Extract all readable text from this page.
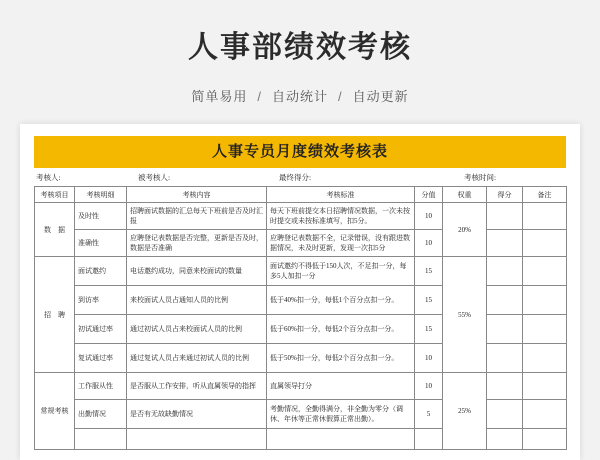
人事部绩效考核
简单易用 / 自动统计 / 自动更新
人事专员月度绩效考核表
考核人:	被考核人:	最终得分:	考核时间:
考核项目	考核明细	考核内容	考核标准	分值	权重	得分	备注
数　据	及时性	招聘面试数据的汇总每天下班前是否及时汇报	每天下班前提交本日招聘情况数据，一次未按时提交或未按标准填写，扣5分。	10	20%		
	准确性	应聘登记表数据是否完整，更新是否及时，数据是否准确	应聘登记表数据不全，记录错误，没有跟进数据情况，未及时更新，发现一次扣5分	10			
招　聘	面试邀约	电话邀约成功，同意来校面试的数量	面试邀约不得低于150人次，不足扣一分，每多5人加扣一分	15	55%		
	到访率	来校面试人员占通知人员的比例	低于40%扣一分，每低1个百分点扣一分。	15			
	初试通过率	通过初试人员占来校面试人员的比例	低于60%扣一分，每低2个百分点扣一分。	15			
	复试通过率	通过复试人员占来通过初试人员的比例	低于50%扣一分，每低2个百分点扣一分。	10			
常规考核	工作服从性	是否服从工作安排，听从直属领导的指挥	直属领导打分	10	25%		
	出勤情况	是否有无故缺勤情况	考勤情况，全勤得满分，非全勤为零分（调休、年休等正常休假算正常出勤）。	5			
